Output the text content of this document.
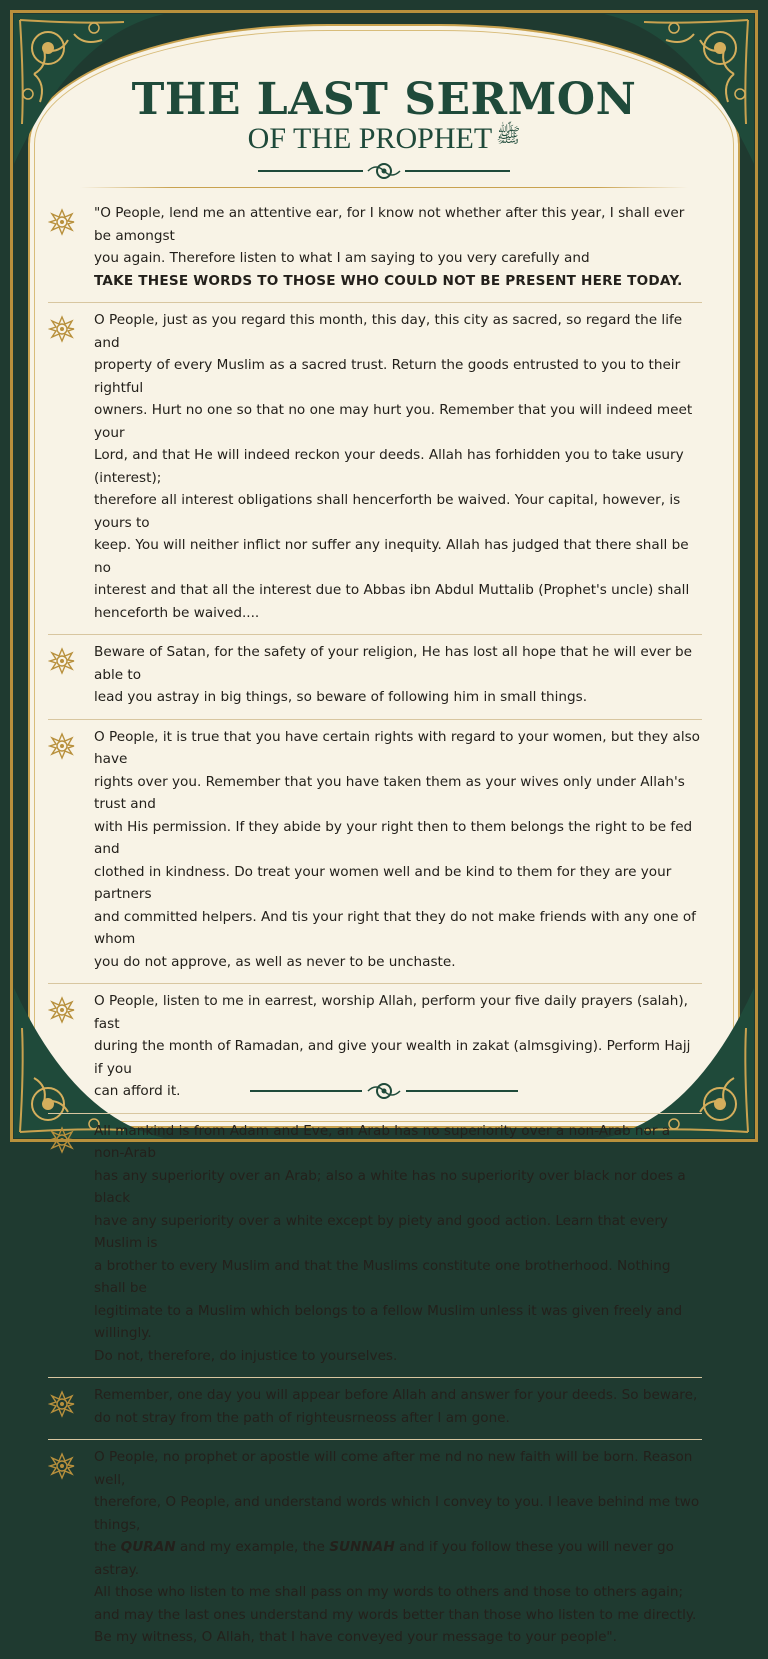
THE LAST SERMON
OF THE PROPHET $^ﷺ$

"O People, lend me an attentive ear, for I know not whether after this year, I shall ever be amongst
you again. Therefore listen to what I am saying to you very carefully and
TAKE THESE WORDS TO THOSE WHO COULD NOT BE PRESENT HERE TODAY.

O People, just as you regard this month, this day, this city as sacred, so regard the life and
property of every Muslim as a sacred trust. Return the goods entrusted to you to their rightful
owners. Hurt no one so that no one may hurt you. Remember that you will indeed meet your
Lord, and that He will indeed reckon your deeds. Allah has forhidden you to take usury (interest);
therefore all interest obligations shall hencerforth be waived. Your capital, however, is yours to
keep. You will neither inflict nor suffer any inequity. Allah has judged that there shall be no
interest and that all the interest due to Abbas ibn Abdul Muttalib (Prophet's uncle) shall
henceforth be waived....

Beware of Satan, for the safety of your religion, He has lost all hope that he will ever be able to
lead you astray in big things, so beware of following him in small things.

O People, it is true that you have certain rights with regard to your women, but they also have
rights over you. Remember that you have taken them as your wives only under Allah's trust and
with His permission. If they abide by your right then to them belongs the right to be fed and
clothed in kindness. Do treat your women well and be kind to them for they are your partners
and committed helpers. And tis your right that they do not make friends with any one of whom
you do not approve, as well as never to be unchaste.

O People, listen to me in earrest, worship Allah, perform your five daily prayers (salah), fast
during the month of Ramadan, and give your wealth in zakat (almsgiving). Perform Hajj if you
can afford it.

All mankind is from Adam and Eve, an Arab has no superiority over a non-Arab nor a non-Arab
has any superiority over an Arab; also a white has no superiority over black nor does a black
have any superiority over a white except by piety and good action. Learn that every Muslim is
a brother to every Muslim and that the Muslims constitute one brotherhood. Nothing shall be
legitimate to a Muslim which belongs to a fellow Muslim unless it was given freely and willingly.
Do not, therefore, do injustice to yourselves.

Remember, one day you will appear before Allah and answer for your deeds. So beware,
do not stray from the path of righteusrneoss after I am gone.

O People, no prophet or apostle will come after me nd no new faith will be born. Reason well,
therefore, O People, and understand words which I convey to you. I leave behind me two things,
the QURAN and my example, the SUNNAH and if you follow these you will never go astray.
All those who listen to me shall pass on my words to others and those to others again;
and may the last ones understand my words better than those who listen to me directly.
Be my witness, O Allah, that I have conveyed your message to your people".
